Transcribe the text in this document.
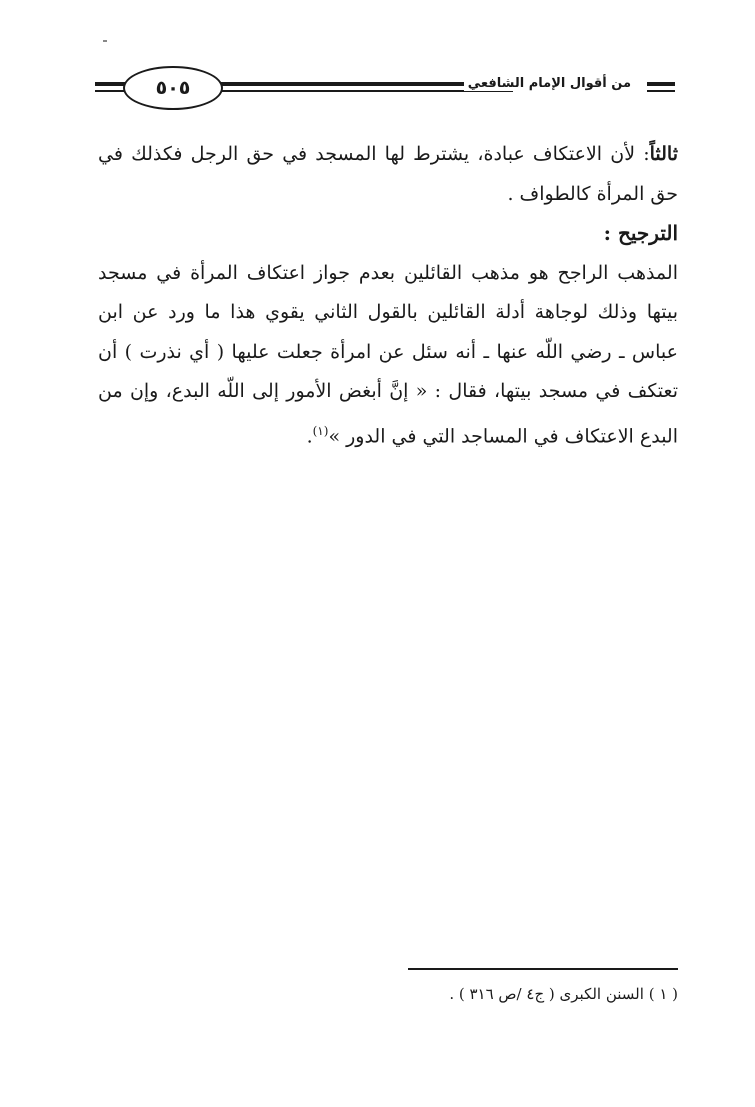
٥٠٥	من أقوال الإمام الشافعي

ثالثاً: لأن الاعتكاف عبادة، يشترط لها المسجد في حق الرجل فكذلك في حق المرأة كالطواف .

الترجيح :

المذهب الراجح هو مذهب القائلين بعدم جواز اعتكاف المرأة في مسجد بيتها وذلك لوجاهة أدلة القائلين بالقول الثاني يقوي هذا ما ورد عن ابن عباس ـ رضي اللّه عنها ـ أنه سئل عن امرأة جعلت عليها ( أي نذرت ) أن تعتكف في مسجد بيتها، فقال : « إنَّ أبغض الأمور إلى اللّه البدع، وإن من البدع الاعتكاف في المساجد التي في الدور »$^{(١)}$.

( ١ ) السنن الكبرى ( ج٤ /ص ٣١٦ ) .
